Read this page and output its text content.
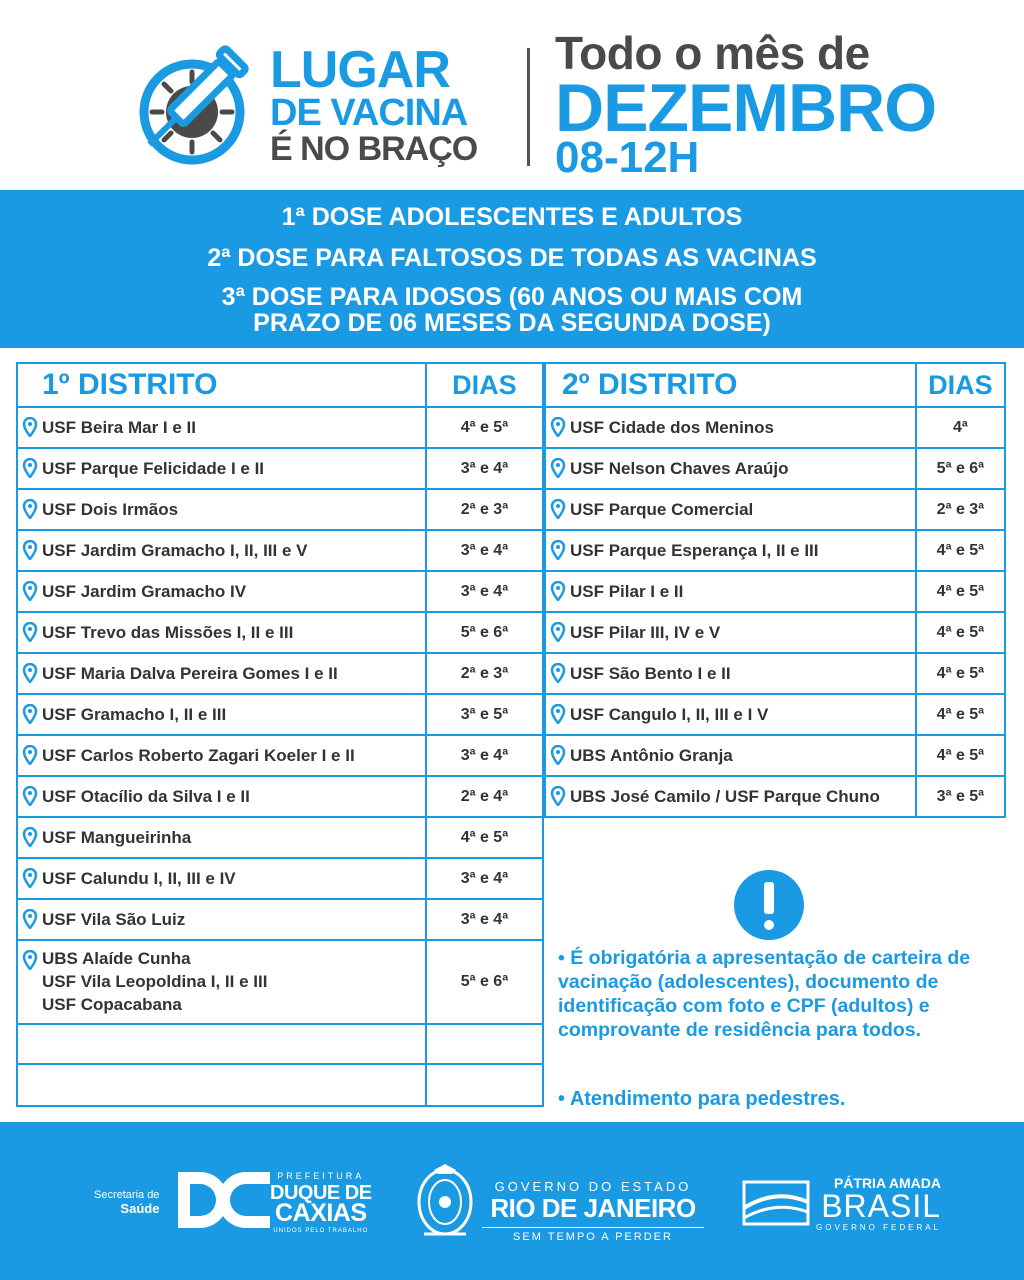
LUGAR
DE VACINA
É NO BRAÇO
Todo o mês de
DEZEMBRO
08-12H
1ª DOSE ADOLESCENTES E ADULTOS
2ª DOSE PARA FALTOSOS DE TODAS AS VACINAS
3ª DOSE PARA IDOSOS (60 ANOS OU MAIS COM
PRAZO DE 06 MESES DA SEGUNDA DOSE)
1º DISTRITO	DIAS
USF Beira Mar I e II	4ª e 5ª
USF Parque Felicidade I e II	3ª e 4ª
USF Dois Irmãos	2ª e 3ª
USF Jardim Gramacho I, II, III e V	3ª e 4ª
USF Jardim Gramacho IV	3ª e 4ª
USF Trevo das Missões I, II e III	5ª e 6ª
USF Maria Dalva Pereira Gomes I e II	2ª e 3ª
USF Gramacho I, II e III	3ª e 5ª
USF Carlos Roberto Zagari Koeler I e II	3ª e 4ª
USF Otacílio da Silva I e II	2ª e 4ª
USF Mangueirinha	4ª e 5ª
USF Calundu I, II, III e IV	3ª e 4ª
USF Vila São Luiz	3ª e 4ª
UBS Alaíde Cunha
USF Vila Leopoldina I, II e III
USF Copacabana	5ª e 6ª

2º DISTRITO	DIAS
USF Cidade dos Meninos	4ª
USF Nelson Chaves Araújo	5ª e 6ª
USF Parque Comercial	2ª e 3ª
USF Parque Esperança I, II e III	4ª e 5ª
USF Pilar I e II	4ª e 5ª
USF Pilar III, IV e V	4ª e 5ª
USF São Bento I e II	4ª e 5ª
USF Cangulo I, II, III e I V	4ª e 5ª
UBS Antônio Granja	4ª e 5ª
UBS José Camilo / USF Parque Chuno	3ª e 5ª
• É obrigatória a apresentação de carteira de vacinação (adolescentes), documento de identificação com foto e CPF (adultos) e comprovante de residência para todos.
• Atendimento para pedestres.
Secretaria de
Saúde
PREFEITURA
DUQUE DE
CAXIAS
UNIDOS PELO TRABALHO
GOVERNO DO ESTADO
RIO DE JANEIRO
SEM TEMPO A PERDER
PÁTRIA AMADA
BRASIL
GOVERNO FEDERAL
